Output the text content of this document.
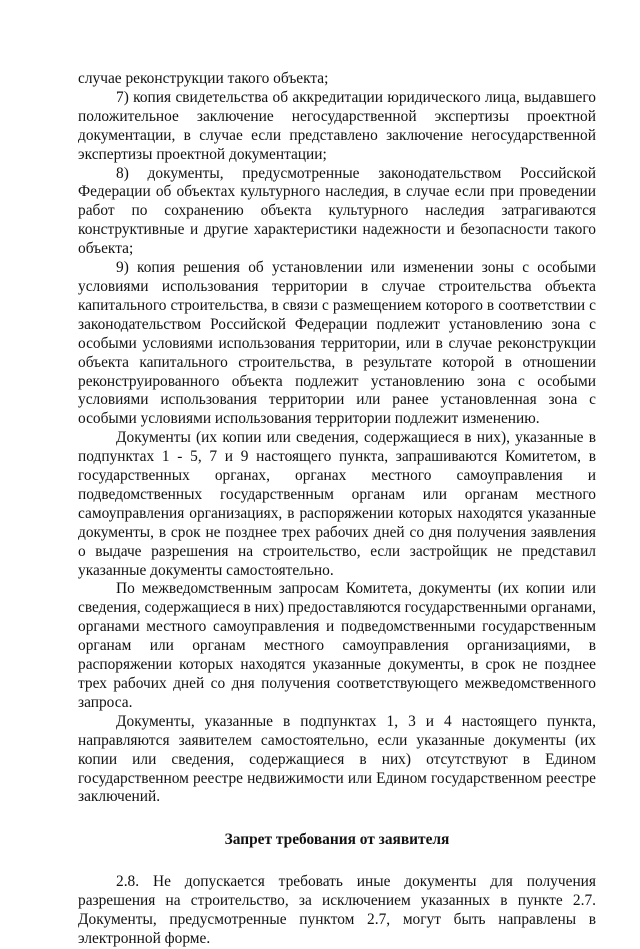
случае реконструкции такого объекта;

7) копия свидетельства об аккредитации юридического лица, выдавшего положительное заключение негосударственной экспертизы проектной документации, в случае если представлено заключение негосударственной экспертизы проектной документации;

8) документы, предусмотренные законодательством Российской Федерации об объектах культурного наследия, в случае если при проведении работ по сохранению объекта культурного наследия затрагиваются конструктивные и другие характеристики надежности и безопасности такого объекта;

9) копия решения об установлении или изменении зоны с особыми условиями использования территории в случае строительства объекта капитального строительства, в связи с размещением которого в соответствии с законодательством Российской Федерации подлежит установлению зона с особыми условиями использования территории, или в случае реконструкции объекта капитального строительства, в результате которой в отношении реконструированного объекта подлежит установлению зона с особыми условиями использования территории или ранее установленная зона с особыми условиями использования территории подлежит изменению.

Документы (их копии или сведения, содержащиеся в них), указанные в подпунктах 1 - 5, 7 и 9 настоящего пункта, запрашиваются Комитетом, в государственных органах, органах местного самоуправления и подведомственных государственным органам или органам местного самоуправления организациях, в распоряжении которых находятся указанные документы, в срок не позднее трех рабочих дней со дня получения заявления о выдаче разрешения на строительство, если застройщик не представил указанные документы самостоятельно.

По межведомственным запросам Комитета, документы (их копии или сведения, содержащиеся в них) предоставляются государственными органами, органами местного самоуправления и подведомственными государственным органам или органам местного самоуправления организациями, в распоряжении которых находятся указанные документы, в срок не позднее трех рабочих дней со дня получения соответствующего межведомственного запроса.

Документы, указанные в подпунктах 1, 3 и 4 настоящего пункта, направляются заявителем самостоятельно, если указанные документы (их копии или сведения, содержащиеся в них) отсутствуют в Едином государственном реестре недвижимости или Едином государственном реестре заключений.

Запрет требования от заявителя

2.8. Не допускается требовать иные документы для получения разрешения на строительство, за исключением указанных в пункте 2.7. Документы, предусмотренные пунктом 2.7, могут быть направлены в электронной форме.
